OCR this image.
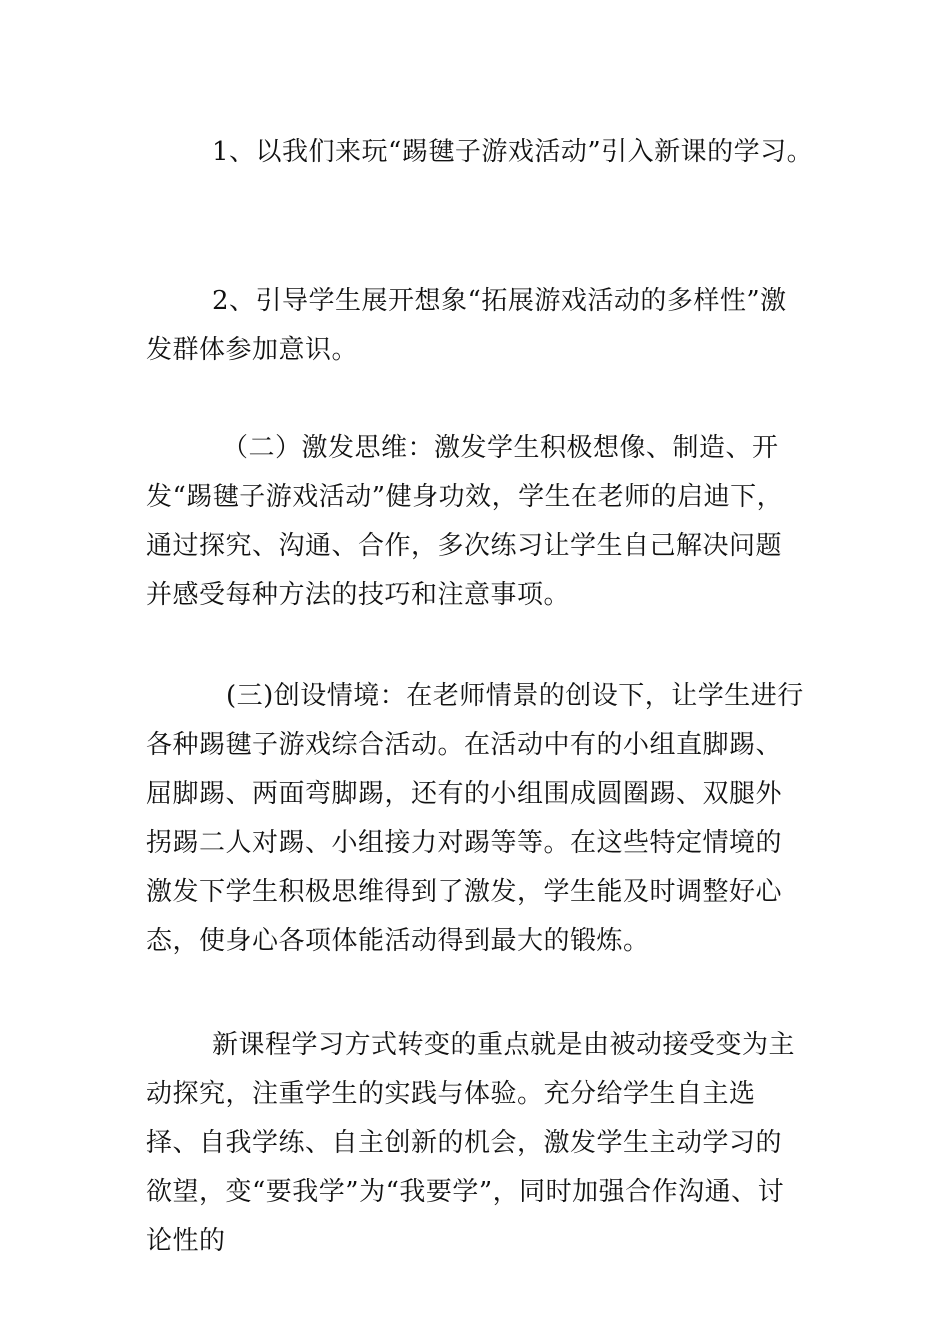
1、以我们来玩“踢毽子游戏活动”引入新课的学习。

2、引导学生展开想象“拓展游戏活动的多样性”激发群体参加意识。

（二）激发思维：激发学生积极想像、制造、开发“踢毽子游戏活动”健身功效，学生在老师的启迪下，通过探究、沟通、合作，多次练习让学生自己解决问题并感受每种方法的技巧和注意事项。

(三)创设情境：在老师情景的创设下，让学生进行各种踢毽子游戏综合活动。在活动中有的小组直脚踢、屈脚踢、两面弯脚踢，还有的小组围成圆圈踢、双腿外拐踢二人对踢、小组接力对踢等等。在这些特定情境的激发下学生积极思维得到了激发，学生能及时调整好心态，使身心各项体能活动得到最大的锻炼。

新课程学习方式转变的重点就是由被动接受变为主动探究，注重学生的实践与体验。充分给学生自主选择、自我学练、自主创新的机会，激发学生主动学习的欲望，变“要我学”为“我要学”，同时加强合作沟通、讨论性的
